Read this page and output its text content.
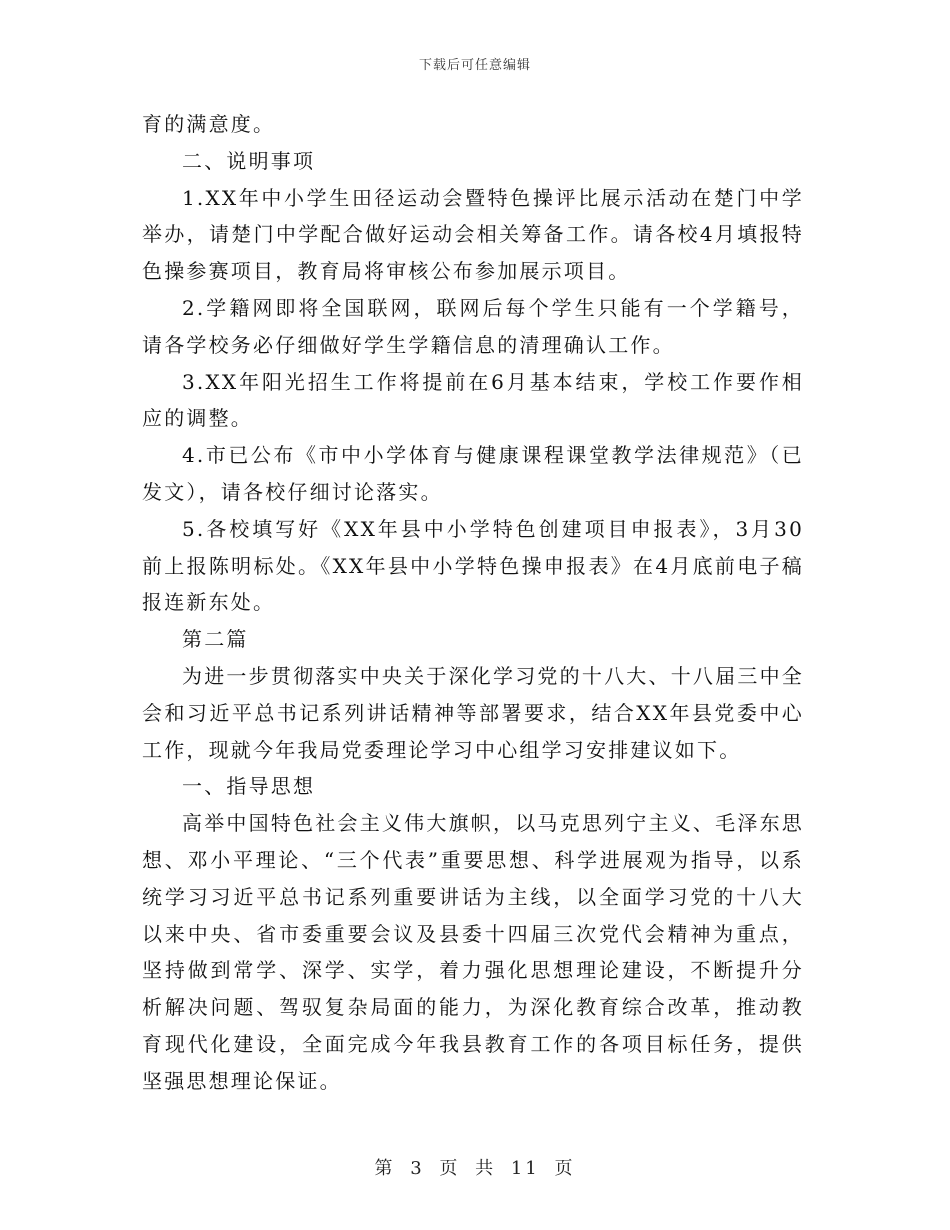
下载后可任意编辑

育的满意度。

二、说明事项

1.XX年中小学生田径运动会暨特色操评比展示活动在楚门中学举办，请楚门中学配合做好运动会相关筹备工作。请各校4月填报特色操参赛项目，教育局将审核公布参加展示项目。

2.学籍网即将全国联网，联网后每个学生只能有一个学籍号，请各学校务必仔细做好学生学籍信息的清理确认工作。

3.XX年阳光招生工作将提前在6月基本结束，学校工作要作相应的调整。

4.市已公布《市中小学体育与健康课程课堂教学法律规范》（已发文），请各校仔细讨论落实。

5.各校填写好《XX年县中小学特色创建项目申报表》，3月30前上报陈明标处。《XX年县中小学特色操申报表》在4月底前电子稿报连新东处。

第二篇

为进一步贯彻落实中央关于深化学习党的十八大、十八届三中全会和习近平总书记系列讲话精神等部署要求，结合XX年县党委中心工作，现就今年我局党委理论学习中心组学习安排建议如下。

一、指导思想

高举中国特色社会主义伟大旗帜，以马克思列宁主义、毛泽东思想、邓小平理论、“三个代表”重要思想、科学进展观为指导，以系统学习习近平总书记系列重要讲话为主线，以全面学习党的十八大以来中央、省市委重要会议及县委十四届三次党代会精神为重点，坚持做到常学、深学、实学，着力强化思想理论建设，不断提升分析解决问题、驾驭复杂局面的能力，为深化教育综合改革，推动教育现代化建设，全面完成今年我县教育工作的各项目标任务，提供坚强思想理论保证。

第 3 页 共 11 页
